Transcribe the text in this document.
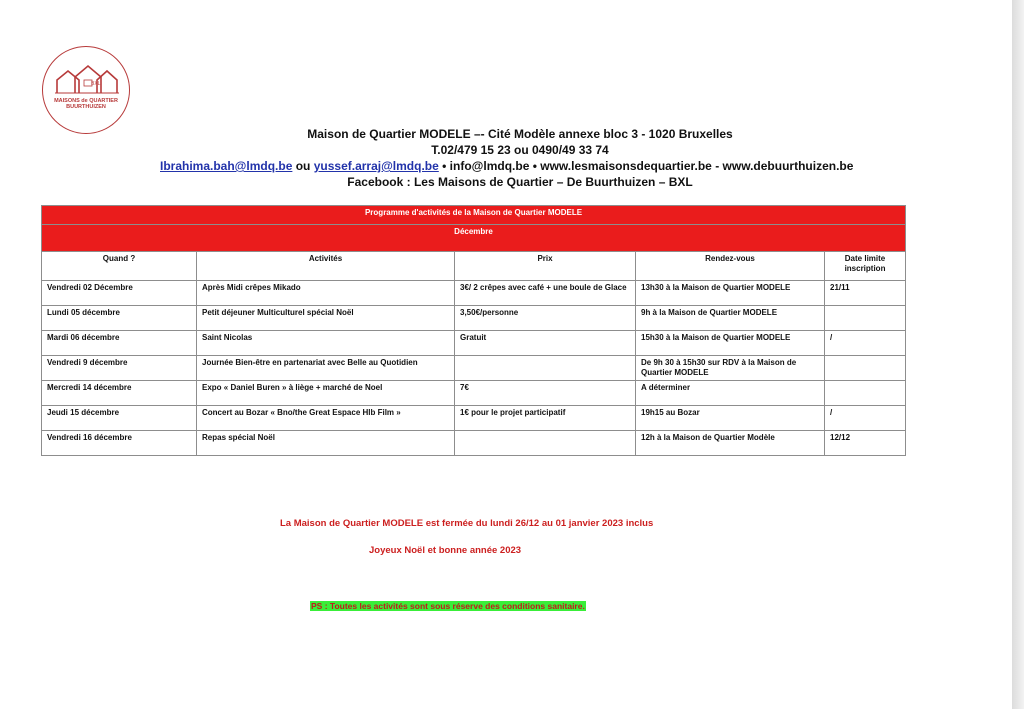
BXL
MAISONS de QUARTIER
BUURTHUIZEN
Maison de Quartier MODELE –- Cité Modèle annexe bloc 3 - 1020 Bruxelles
T.02/479 15 23 ou 0490/49 33 74
Ibrahima.bah@lmdq.be ou yussef.arraj@lmdq.be • info@lmdq.be • www.lesmaisonsdequartier.be - www.debuurthuizen.be
Facebook : Les Maisons de Quartier – De Buurthuizen – BXL
Programme d'activités de la Maison de Quartier MODELE				
Décembre				
Quand ?	Activités	Prix	Rendez-vous	Date limite inscription
Vendredi 02 Décembre	Après Midi crêpes Mikado	3€/ 2 crêpes avec café + une boule de Glace	13h30 à la Maison de Quartier MODELE	21/11
Lundi 05 décembre	Petit déjeuner Multiculturel spécial Noël	3,50€/personne	9h à la Maison de Quartier MODELE	
Mardi 06 décembre	Saint Nicolas	Gratuit	15h30 à la Maison de Quartier MODELE	/
Vendredi 9 décembre	Journée Bien-être en partenariat avec Belle au Quotidien		De 9h 30 à 15h30 sur RDV à la Maison de Quartier MODELE	
Mercredi 14 décembre	Expo « Daniel Buren » à liège + marché de Noel	7€	A déterminer	
Jeudi 15 décembre	Concert au Bozar « Bno/the Great Espace Hlb Film »	1€ pour le projet participatif	19h15 au Bozar	/
Vendredi 16 décembre	Repas spécial Noël		12h à la Maison de Quartier Modèle	12/12
La Maison de Quartier MODELE est fermée du lundi 26/12 au 01 janvier 2023 inclus
Joyeux Noël et bonne année 2023
PS : Toutes les activités sont sous réserve des conditions sanitaire.
